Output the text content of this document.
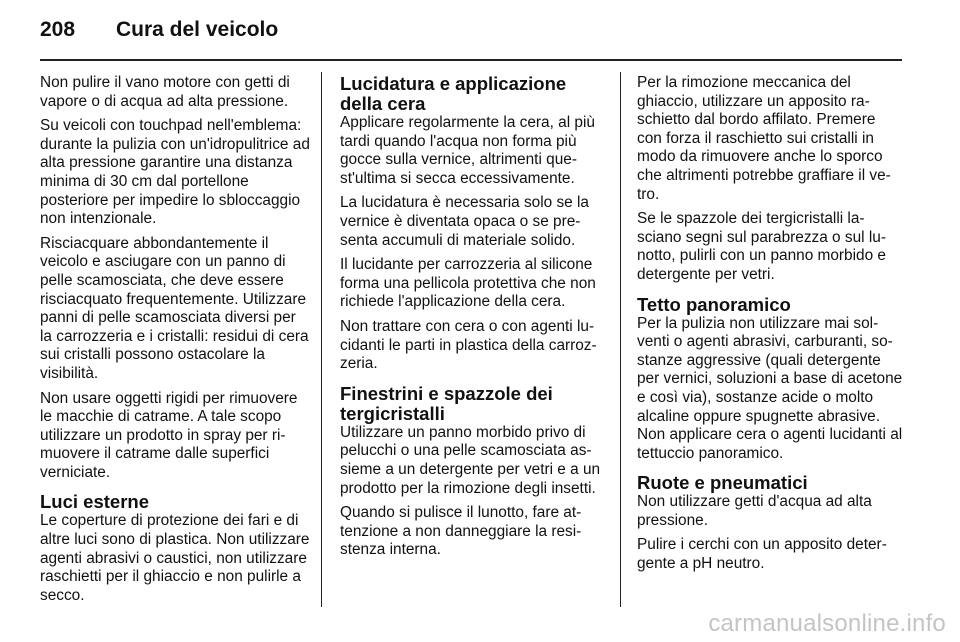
208	Cura del veicolo

Non pulire il vano motore con getti di vapore o di acqua ad alta pressione.

Su veicoli con touchpad nell'emblema: durante la pulizia con un'idropulitrice ad alta pressione garantire una distanza minima di 30 cm dal portellone posteriore per impedire lo sbloccaggio non intenzionale.

Risciacquare abbondantemente il veicolo e asciugare con un panno di pelle scamosciata, che deve essere risciacquato frequentemente. Utilizzare panni di pelle scamosciata diversi per la carrozzeria e i cristalli: residui di cera sui cristalli possono ostacolare la visibilità.

Non usare oggetti rigidi per rimuovere le macchie di catrame. A tale scopo utilizzare un prodotto in spray per rimuovere il catrame dalle superfici verniciate.

Luci esterne

Le coperture di protezione dei fari e di altre luci sono di plastica. Non utilizzare agenti abrasivi o caustici, non utilizzare raschietti per il ghiaccio e non pulirle a secco.

Lucidatura e applicazione della cera

Applicare regolarmente la cera, al più tardi quando l'acqua non forma più gocce sulla vernice, altrimenti quest'ultima si secca eccessivamente.

La lucidatura è necessaria solo se la vernice è diventata opaca o se presenta accumuli di materiale solido.

Il lucidante per carrozzeria al silicone forma una pellicola protettiva che non richiede l'applicazione della cera.

Non trattare con cera o con agenti lucidanti le parti in plastica della carrozzeria.

Finestrini e spazzole dei tergicristalli

Utilizzare un panno morbido privo di pelucchi o una pelle scamosciata assieme a un detergente per vetri e a un prodotto per la rimozione degli insetti.

Quando si pulisce il lunotto, fare attenzione a non danneggiare la resistenza interna.

Per la rimozione meccanica del ghiaccio, utilizzare un apposito raschietto dal bordo affilato. Premere con forza il raschietto sui cristalli in modo da rimuovere anche lo sporco che altrimenti potrebbe graffiare il vetro.

Se le spazzole dei tergicristalli lasciano segni sul parabrezza o sul lunotto, pulirli con un panno morbido e detergente per vetri.

Tetto panoramico

Per la pulizia non utilizzare mai solventi o agenti abrasivi, carburanti, sostanze aggressive (quali detergente per vernici, soluzioni a base di acetone e così via), sostanze acide o molto alcaline oppure spugnette abrasive. Non applicare cera o agenti lucidanti al tettuccio panoramico.

Ruote e pneumatici

Non utilizzare getti d'acqua ad alta pressione.

Pulire i cerchi con un apposito detergente a pH neutro.

carmanualsonline.info
